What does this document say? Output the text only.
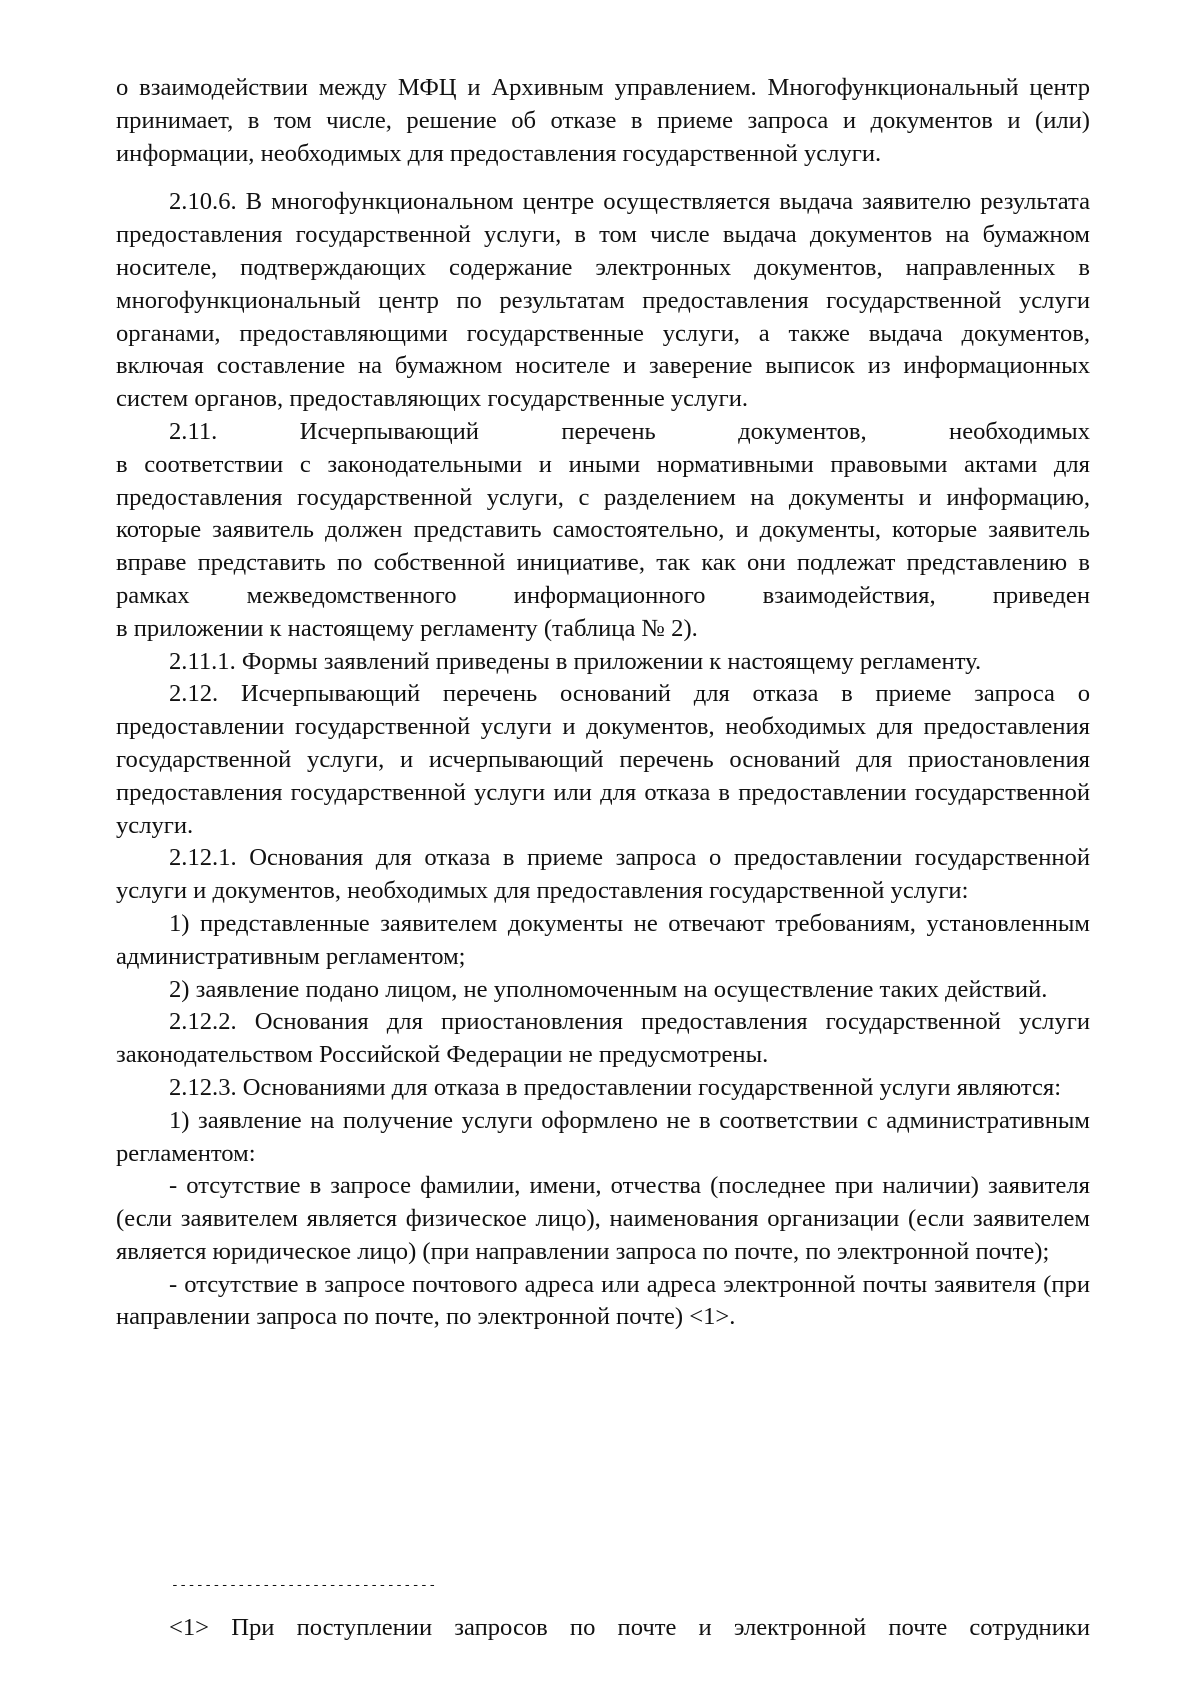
о взаимодействии между МФЦ и Архивным управлением. Многофункциональный центр принимает, в том числе, решение об отказе в приеме запроса и документов и (или) информации, необходимых для предоставления государственной услуги.

2.10.6. В многофункциональном центре осуществляется выдача заявителю результата предоставления государственной услуги, в том числе выдача документов на бумажном носителе, подтверждающих содержание электронных документов, направленных в многофункциональный центр по результатам предоставления государственной услуги органами, предоставляющими государственные услуги, а также выдача документов, включая составление на бумажном носителе и заверение выписок из информационных систем органов, предоставляющих государственные услуги.

2.11. Исчерпывающий перечень документов, необходимых

в соответствии с законодательными и иными нормативными правовыми актами для предоставления государственной услуги, с разделением на документы и информацию, которые заявитель должен представить самостоятельно, и документы, которые заявитель вправе представить по собственной инициативе, так как они подлежат представлению в рамках межведомственного информационного взаимодействия, приведен

в приложении к настоящему регламенту (таблица № 2).

2.11.1. Формы заявлений приведены в приложении к настоящему регламенту.

2.12. Исчерпывающий перечень оснований для отказа в приеме запроса о предоставлении государственной услуги и документов, необходимых для предоставления государственной услуги, и исчерпывающий перечень оснований для приостановления предоставления государственной услуги или для отказа в предоставлении государственной услуги.

2.12.1. Основания для отказа в приеме запроса о предоставлении государственной услуги и документов, необходимых для предоставления государственной услуги:

1) представленные заявителем документы не отвечают требованиям, установленным административным регламентом;

2) заявление подано лицом, не уполномоченным на осуществление таких действий.

2.12.2. Основания для приостановления предоставления государственной услуги законодательством Российской Федерации не предусмотрены.

2.12.3. Основаниями для отказа в предоставлении государственной услуги являются:

1) заявление на получение услуги оформлено не в соответствии с административным регламентом:

- отсутствие в запросе фамилии, имени, отчества (последнее при наличии) заявителя (если заявителем является физическое лицо), наименования организации (если заявителем является юридическое лицо) (при направлении запроса по почте, по электронной почте);

- отсутствие в запросе почтового адреса или адреса электронной почты заявителя (при направлении запроса по почте, по электронной почте) <1>.

--------------------------------
<1> При поступлении запросов по почте и электронной почте сотрудники
